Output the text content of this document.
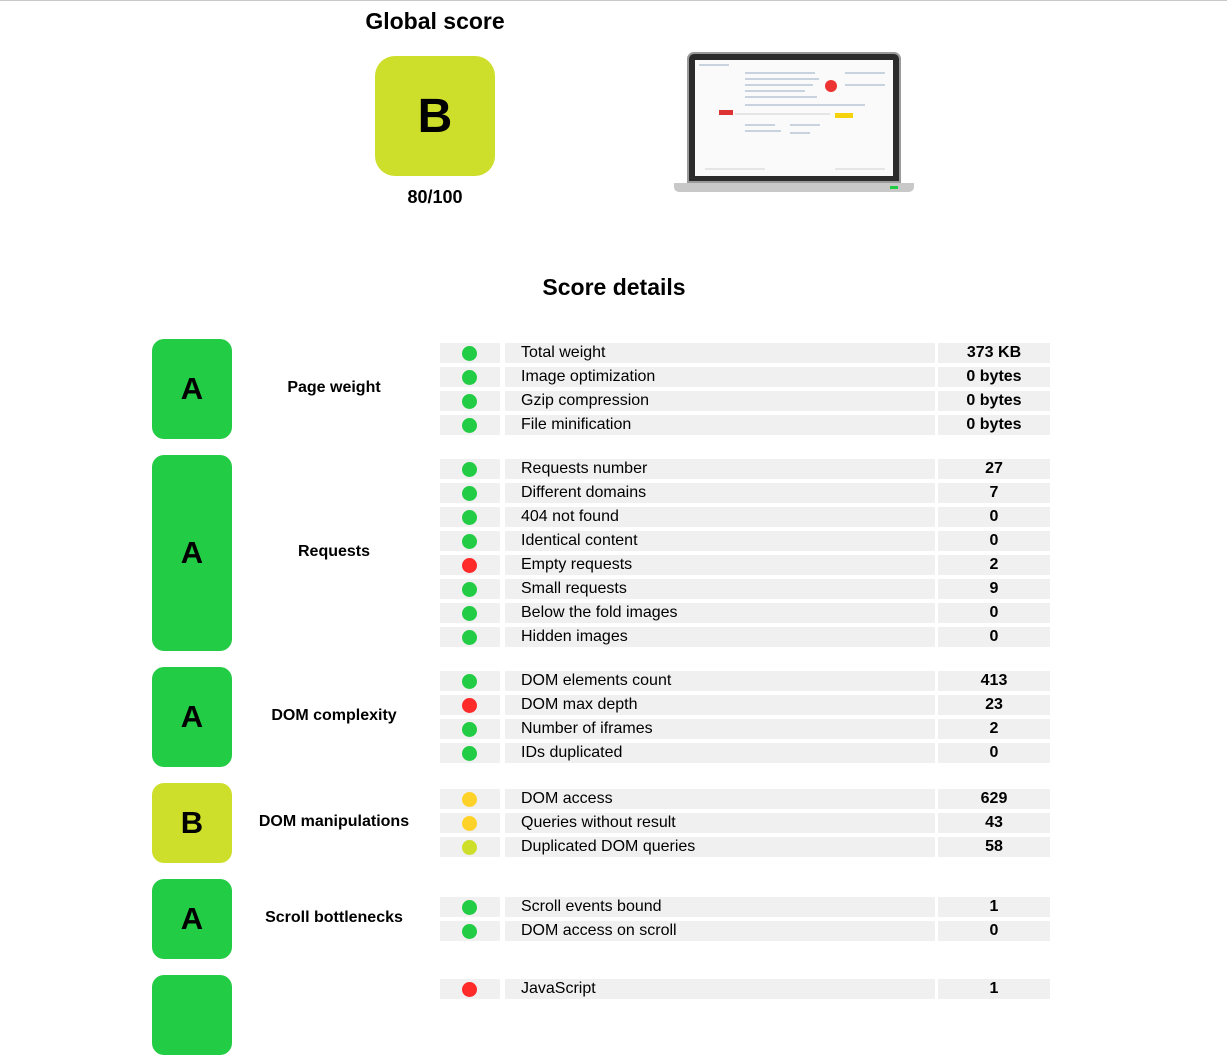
Global score
B
80/100
Score details
A	Page weight
Total weight	373 KB
Image optimization	0 bytes
Gzip compression	0 bytes
File minification	0 bytes
A	Requests
Requests number	27
Different domains	7
404 not found	0
Identical content	0
Empty requests	2
Small requests	9
Below the fold images	0
Hidden images	0
A	DOM complexity
DOM elements count	413
DOM max depth	23
Number of iframes	2
IDs duplicated	0
B	DOM manipulations
DOM access	629
Queries without result	43
Duplicated DOM queries	58
A	Scroll bottlenecks
Scroll events bound	1
DOM access on scroll	0
JavaScript	1
